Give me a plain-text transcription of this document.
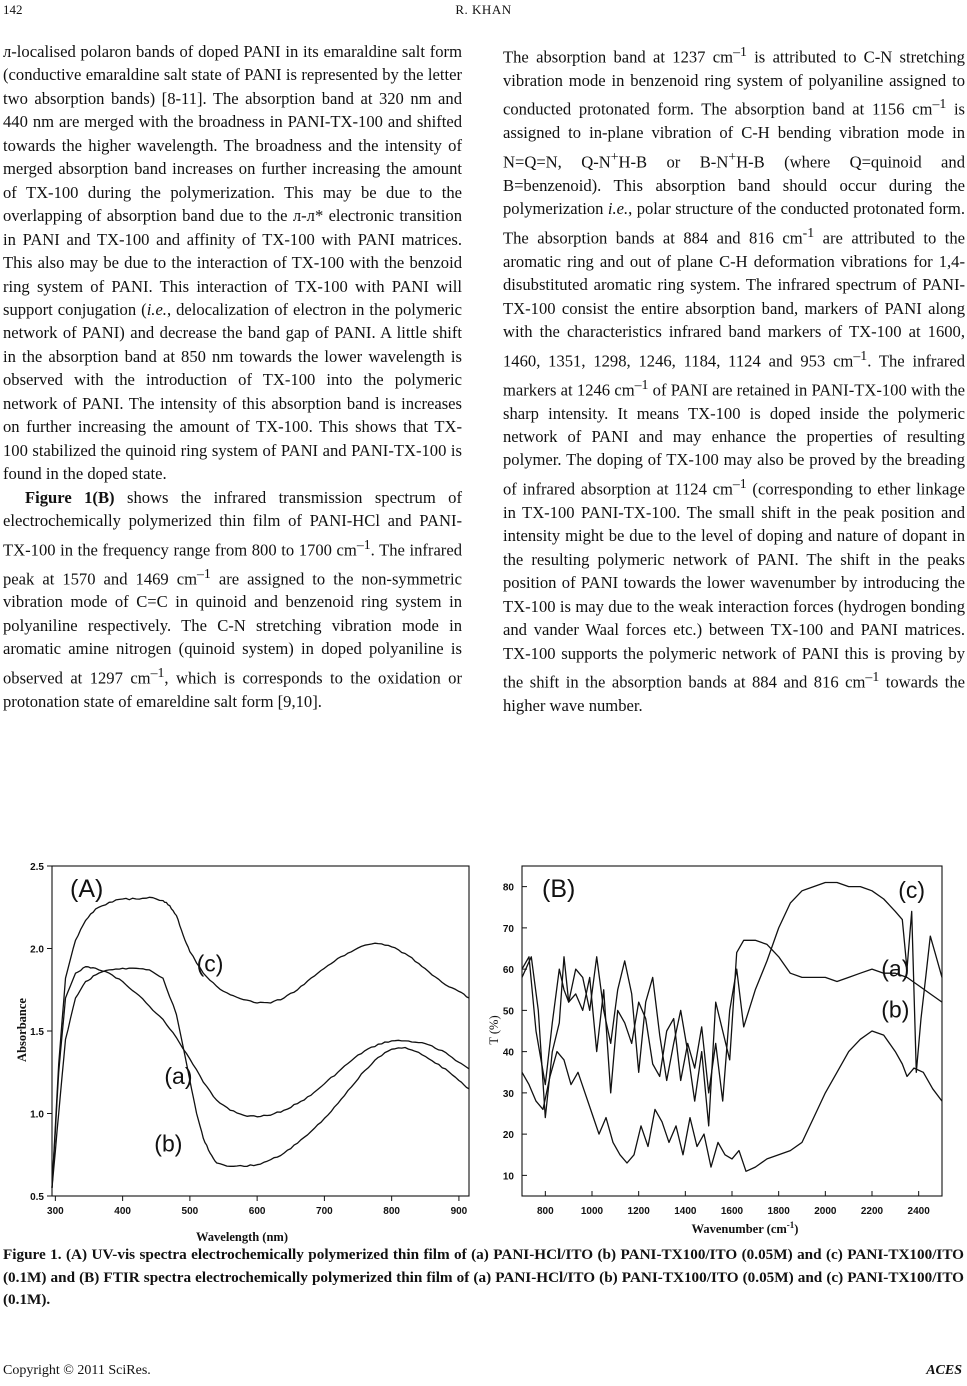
142	R. KHAN

л-localised polaron bands of doped PANI in its emaraldine salt form (conductive emaraldine salt state of PANI is represented by the letter two absorption bands) [8-11]. The absorption band at 320 nm and 440 nm are merged with the broadness in PANI-TX-100 and shifted towards the higher wavelength. The broadness and the intensity of merged absorption band increases on further increasing the amount of TX-100 during the polymerization. This may be due to the overlapping of absorption band due to the л-л* electronic transition in PANI and TX-100 and affinity of TX-100 with PANI matrices. This also may be due to the interaction of TX-100 with the benzoid ring system of PANI. This interaction of TX-100 with PANI will support conjugation (i.e., delocalization of electron in the polymeric network of PANI) and decrease the band gap of PANI. A little shift in the absorption band at 850 nm towards the lower wavelength is observed with the introduction of TX-100 into the polymeric network of PANI. The intensity of this absorption band is increases on further increasing the amount of TX-100. This shows that TX-100 stabilized the quinoid ring system of PANI and PANI-TX-100 is found in the doped state.

Figure 1(B) shows the infrared transmission spectrum of electrochemically polymerized thin film of PANI-HCl and PANI-TX-100 in the frequency range from 800 to 1700 $cm^{-1}$. The infrared peak at 1570 and 1469 $cm^{-1}$ are assigned to the non-symmetric vibration mode of C=C in quinoid and benzenoid ring system in polyaniline respectively. The C-N stretching vibration mode in aromatic amine nitrogen (quinoid system) in doped polyaniline is observed at 1297 $cm^{-1}$, which is corresponds to the oxidation or protonation state of emareldine salt form [9,10].

The absorption band at 1237 $cm^{-1}$ is attributed to C-N stretching vibration mode in benzenoid ring system of polyaniline assigned to conducted protonated form. The absorption band at 1156 $cm^{-1}$ is assigned to in-plane vibration of C-H bending vibration mode in N=Q=N, Q-N+H-B or B-N+H-B (where Q=quinoid and B=benzenoid). This absorption band should occur during the polymerization i.e., polar structure of the conducted protonated form. The absorption bands at 884 and 816 $cm^{-1}$ are attributed to the aromatic ring and out of plane C-H deformation vibrations for 1,4-disubstituted aromatic ring system. The infrared spectrum of PANI-TX-100 consist the entire absorption band, markers of PANI along with the characteristics infrared band markers of TX-100 at 1600, 1460, 1351, 1298, 1246, 1184, 1124 and 953 $cm^{-1}$. The infrared markers at 1246 $cm^{-1}$ of PANI are retained in PANI-TX-100 with the sharp intensity. It means TX-100 is doped inside the polymeric network of PANI and may enhance the properties of resulting polymer. The doping of TX-100 may also be proved by the breading of infrared absorption at 1124 $cm^{-1}$ (corresponding to ether linkage in TX-100 PANI-TX-100. The small shift in the peak position and intensity might be due to the level of doping and nature of dopant in the resulting polymeric network of PANI. The shift in the peaks position of PANI towards the lower wavenumber by introducing the TX-100 is may due to the weak interaction forces (hydrogen bonding and vander Waal forces etc.) between TX-100 and PANI matrices. TX-100 supports the polymeric network of PANI this is proving by the shift in the absorption bands at 884 and 816 $cm^{-1}$ towards the higher wave number.

300	400	500	600	700	800	900
0.5
1.0
1.5
2.0
2.5
Wavelength (nm)
Absorbance
(A)
(c)
(a)
(b)
800	1000 1200 1400 1600 1800 2000 2200 2400
10
20
30
40
50
60
70
80
Wavenumber $(cm^{-1})$
T (%)
(B)	(c)
(a)
(b)
Figure 1. (A) UV-vis spectra electrochemically polymerized thin film of (a) PANI-HCl/ITO (b) PANI-TX100/ITO (0.05M) and (c) PANI-TX100/ITO (0.1M) and (B) FTIR spectra electrochemically polymerized thin film of (a) PANI-HCl/ITO (b) PANI-TX100/ITO (0.05M) and (c) PANI-TX100/ITO (0.1M).
Copyright © 2011 SciRes.	ACES
